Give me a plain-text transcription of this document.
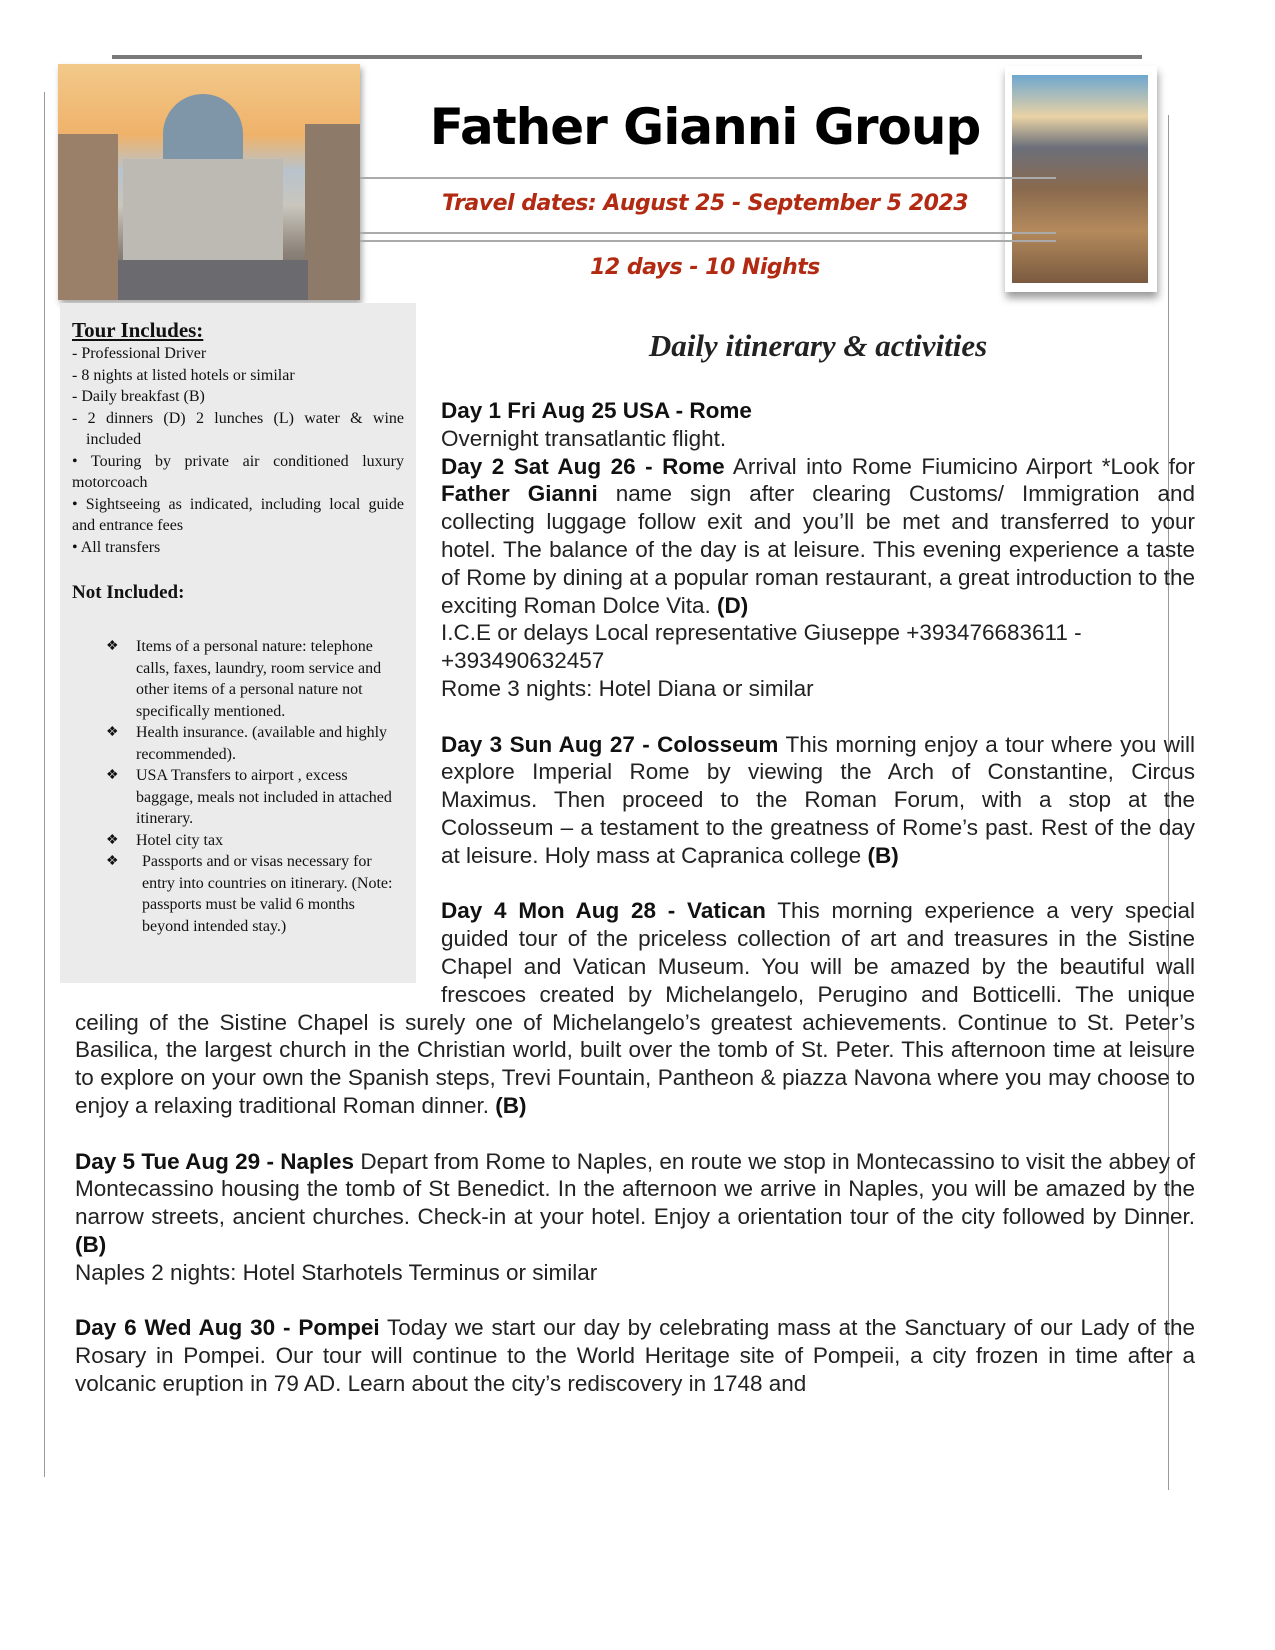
Father Gianni Group
Travel dates: August 25 - September 5 2023
12 days - 10 Nights
Tour Includes:
- Professional Driver
- 8 nights at listed hotels or similar
- Daily breakfast (B)
- 2 dinners (D) 2 lunches (L) water & wine included
• Touring by private air conditioned luxury motorcoach
• Sightseeing as indicated, including local guide and entrance fees
• All transfers
Not Included:
❖ Items of a personal nature: telephone calls, faxes, laundry, room service and other items of a personal nature not specifically mentioned.
❖ Health insurance. (available and highly recommended).
❖ USA Transfers to airport , excess baggage, meals not included in attached itinerary.
❖ Hotel city tax
❖ Passports and or visas necessary for entry into countries on itinerary. (Note: passports must be valid 6 months beyond intended stay.)
Daily itinerary & activities

Day 1 Fri Aug 25 USA - Rome
Overnight transatlantic flight.

Day 2 Sat Aug 26 - Rome Arrival into Rome Fiumicino Airport *Look for Father Gianni name sign after clearing Customs/ Immigration and collecting luggage follow exit and you’ll be met and transferred to your hotel. The balance of the day is at leisure. This evening experience a taste of Rome by dining at a popular roman restaurant, a great introduction to the exciting Roman Dolce Vita. (D)
I.C.E or delays Local representative Giuseppe +393476683611 - +393490632457
Rome 3 nights: Hotel Diana or similar

Day 3 Sun Aug 27 - Colosseum This morning enjoy a tour where you will explore Imperial Rome by viewing the Arch of Constantine, Circus Maximus. Then proceed to the Roman Forum, with a stop at the Colosseum – a testament to the greatness of Rome’s past. Rest of the day at leisure. Holy mass at Capranica college (B)

Day 4 Mon Aug 28 - Vatican This morning experience a very special guided tour of the priceless collection of art and treasures in the Sistine Chapel and Vatican Museum. You will be amazed by the beautiful wall frescoes created by Michelangelo, Perugino and Botticelli. The unique ceiling of the Sistine Chapel is surely one of Michelangelo’s greatest achievements. Continue to St. Peter’s Basilica, the largest church in the Christian world, built over the tomb of St. Peter. This afternoon time at leisure to explore on your own the Spanish steps, Trevi Fountain, Pantheon & piazza Navona where you may choose to enjoy a relaxing traditional Roman dinner. (B)

Day 5 Tue Aug 29 - Naples Depart from Rome to Naples, en route we stop in Montecassino to visit the abbey of Montecassino housing the tomb of St Benedict. In the afternoon we arrive in Naples, you will be amazed by the narrow streets, ancient churches. Check-in at your hotel. Enjoy a orientation tour of the city followed by Dinner. (B)
Naples 2 nights: Hotel Starhotels Terminus or similar

Day 6 Wed Aug 30 - Pompei Today we start our day by celebrating mass at the Sanctuary of our Lady of the Rosary in Pompei. Our tour will continue to the World Heritage site of Pompeii, a city frozen in time after a volcanic eruption in 79 AD. Learn about the city’s rediscovery in 1748 and
